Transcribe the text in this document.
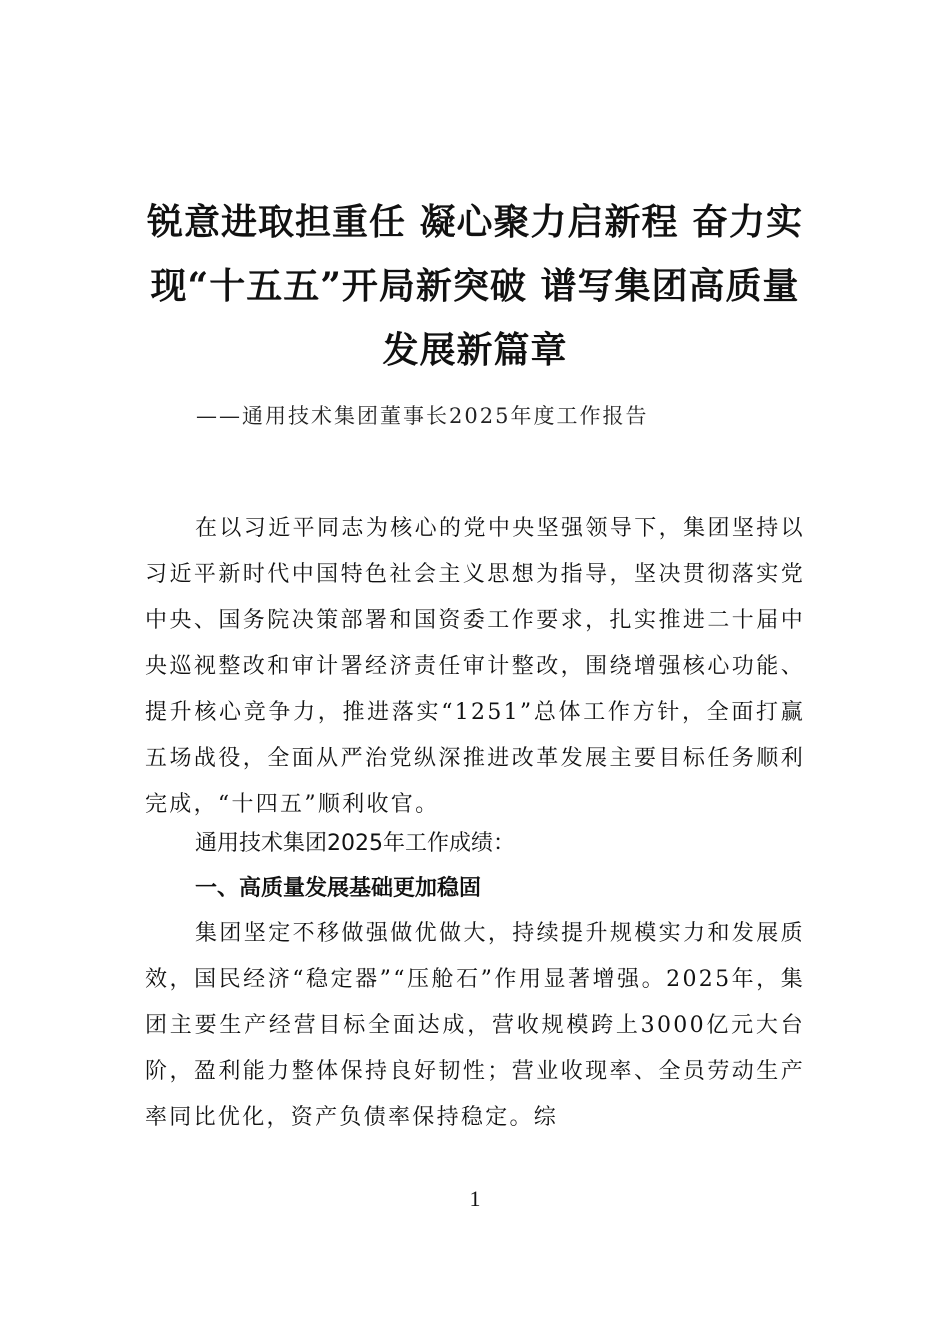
锐意进取担重任 凝心聚力启新程 奋力实
现“十五五”开局新突破 谱写集团高质量
发展新篇章
——通用技术集团董事长2025年度工作报告

在以习近平同志为核心的党中央坚强领导下，集团坚持以习近平新时代中国特色社会主义思想为指导，坚决贯彻落实党中央、国务院决策部署和国资委工作要求，扎实推进二十届中央巡视整改和审计署经济责任审计整改，围绕增强核心功能、提升核心竞争力，推进落实“1251”总体工作方针，全面打赢五场战役，全面从严治党纵深推进改革发展主要目标任务顺利完成，“十四五”顺利收官。

通用技术集团2025年工作成绩：

一、高质量发展基础更加稳固

集团坚定不移做强做优做大，持续提升规模实力和发展质效，国民经济“稳定器”“压舱石”作用显著增强。2025年，集团主要生产经营目标全面达成，营收规模跨上3000亿元大台阶，盈利能力整体保持良好韧性；营业收现率、全员劳动生产率同比优化，资产负债率保持稳定。综

1
